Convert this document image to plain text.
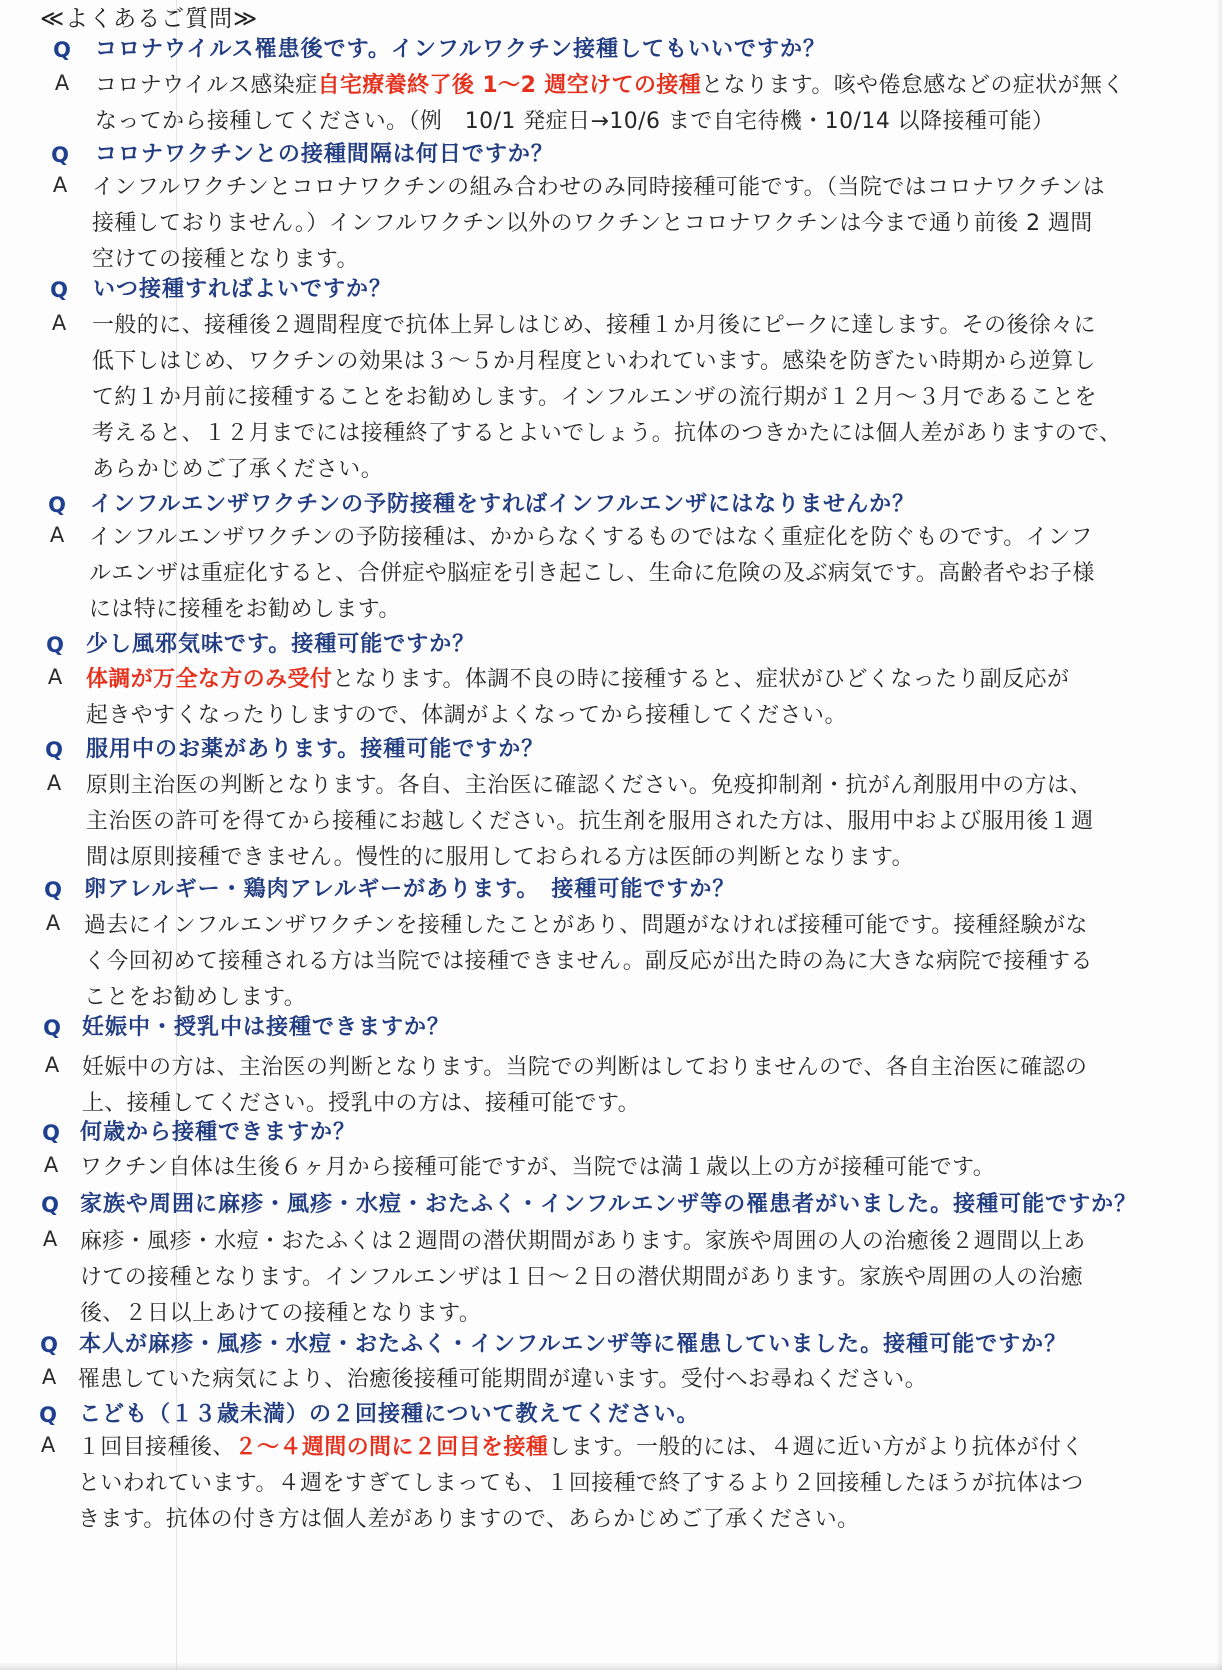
≪よくあるご質問≫
Q コロナウイルス罹患後です。インフルワクチン接種してもいいですか？
A コロナウイルス感染症自宅療養終了後 1～2 週空けての接種となります。咳や倦怠感などの症状が無く
なってから接種してください。（例　10/1 発症日→10/6 まで自宅待機・10/14 以降接種可能）
Q コロナワクチンとの接種間隔は何日ですか？
A インフルワクチンとコロナワクチンの組み合わせのみ同時接種可能です。（当院ではコロナワクチンは
接種しておりません。）インフルワクチン以外のワクチンとコロナワクチンは今まで通り前後 2 週間
空けての接種となります。
Q いつ接種すればよいですか？
A 一般的に、接種後２週間程度で抗体上昇しはじめ、接種１か月後にピークに達します。その後徐々に
低下しはじめ、ワクチンの効果は３～５か月程度といわれています。感染を防ぎたい時期から逆算し
て約１か月前に接種することをお勧めします。インフルエンザの流行期が１２月～３月であることを
考えると、１２月までには接種終了するとよいでしょう。抗体のつきかたには個人差がありますので、
あらかじめご了承ください。
Q インフルエンザワクチンの予防接種をすればインフルエンザにはなりませんか？
A インフルエンザワクチンの予防接種は、かからなくするものではなく重症化を防ぐものです。インフ
ルエンザは重症化すると、合併症や脳症を引き起こし、生命に危険の及ぶ病気です。高齢者やお子様
には特に接種をお勧めします。
Q 少し風邪気味です。接種可能ですか？
A 体調が万全な方のみ受付となります。体調不良の時に接種すると、症状がひどくなったり副反応が
起きやすくなったりしますので、体調がよくなってから接種してください。
Q 服用中のお薬があります。接種可能ですか？
A 原則主治医の判断となります。各自、主治医に確認ください。免疫抑制剤・抗がん剤服用中の方は、
主治医の許可を得てから接種にお越しください。抗生剤を服用された方は、服用中および服用後１週
間は原則接種できません。慢性的に服用しておられる方は医師の判断となります。
Q 卵アレルギー・鶏肉アレルギーがあります。　接種可能ですか？
A 過去にインフルエンザワクチンを接種したことがあり、問題がなければ接種可能です。接種経験がな
く今回初めて接種される方は当院では接種できません。副反応が出た時の為に大きな病院で接種する
ことをお勧めします。
Q 妊娠中・授乳中は接種できますか？
A 妊娠中の方は、主治医の判断となります。当院での判断はしておりませんので、各自主治医に確認の
上、接種してください。授乳中の方は、接種可能です。
Q 何歳から接種できますか？
A ワクチン自体は生後６ヶ月から接種可能ですが、当院では満１歳以上の方が接種可能です。
Q 家族や周囲に麻疹・風疹・水痘・おたふく・インフルエンザ等の罹患者がいました。接種可能ですか？
A 麻疹・風疹・水痘・おたふくは２週間の潜伏期間があります。家族や周囲の人の治癒後２週間以上あ
けての接種となります。インフルエンザは１日～２日の潜伏期間があります。家族や周囲の人の治癒
後、２日以上あけての接種となります。
Q 本人が麻疹・風疹・水痘・おたふく・インフルエンザ等に罹患していました。接種可能ですか？
A 罹患していた病気により、治癒後接種可能期間が違います。受付へお尋ねください。
Q こども（１３歳未満）の２回接種について教えてください。
A １回目接種後、２～４週間の間に２回目を接種します。一般的には、４週に近い方がより抗体が付く
といわれています。４週をすぎてしまっても、１回接種で終了するより２回接種したほうが抗体はつ
きます。抗体の付き方は個人差がありますので、あらかじめご了承ください。
